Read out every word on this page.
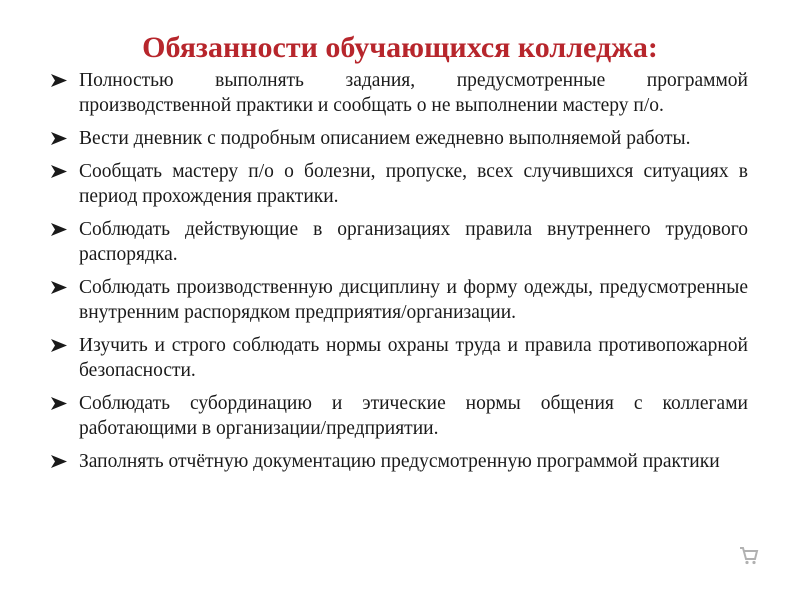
Обязанности обучающихся колледжа:
Полностью выполнять задания, предусмотренные программой производственной практики и сообщать о не выполнении мастеру п/о.
Вести дневник с подробным описанием ежедневно выполняемой работы.
Сообщать мастеру п/о о болезни, пропуске, всех случившихся ситуациях в период прохождения практики.
Соблюдать действующие в организациях правила внутреннего трудового распорядка.
Соблюдать производственную дисциплину и форму одежды, предусмотренные внутренним распорядком предприятия/организации.
Изучить и строго соблюдать нормы охраны труда и правила противопожарной безопасности.
Соблюдать субординацию и этические нормы общения с коллегами работающими в организации/предприятии.
Заполнять отчётную документацию предусмотренную программой практики
